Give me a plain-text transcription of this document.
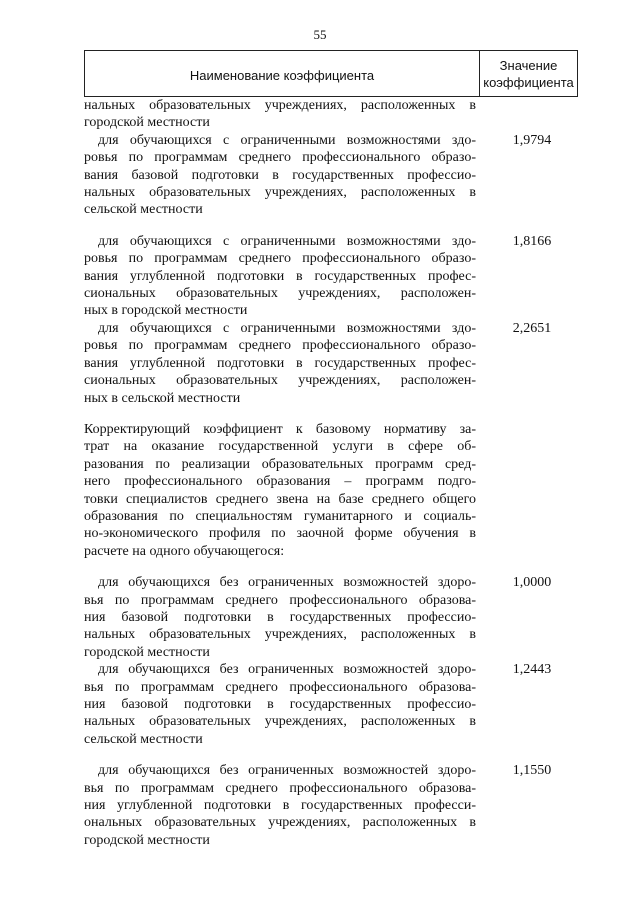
55
Наименование коэффициента
Значение
коэффициента
нальных образовательных учреждениях, расположенных в
городской местности
для обучающихся с ограниченными возможностями здо-
ровья по программам среднего профессионального образо-
вания базовой подготовки в государственных профессио-
нальных образовательных учреждениях, расположенных в
сельской местности
1,9794
для обучающихся с ограниченными возможностями здо-
ровья по программам среднего профессионального образо-
вания углубленной подготовки в государственных профес-
сиональных образовательных учреждениях, расположен-
ных в городской местности
1,8166
для обучающихся с ограниченными возможностями здо-
ровья по программам среднего профессионального образо-
вания углубленной подготовки в государственных профес-
сиональных образовательных учреждениях, расположен-
ных в сельской местности
2,2651
Корректирующий коэффициент к базовому нормативу за-
трат на оказание государственной услуги в сфере об-
разования по реализации образовательных программ сред-
него профессионального образования – программ подго-
товки специалистов среднего звена на базе среднего общего
образования по специальностям гуманитарного и социаль-
но-экономического профиля по заочной форме обучения в
расчете на одного обучающегося:
для обучающихся без ограниченных возможностей здоро-
вья по программам среднего профессионального образова-
ния базовой подготовки в государственных профессио-
нальных образовательных учреждениях, расположенных в
городской местности
1,0000
для обучающихся без ограниченных возможностей здоро-
вья по программам среднего профессионального образова-
ния базовой подготовки в государственных профессио-
нальных образовательных учреждениях, расположенных в
сельской местности
1,2443
для обучающихся без ограниченных возможностей здоро-
вья по программам среднего профессионального образова-
ния углубленной подготовки в государственных професси-
ональных образовательных учреждениях, расположенных в
городской местности
1,1550
